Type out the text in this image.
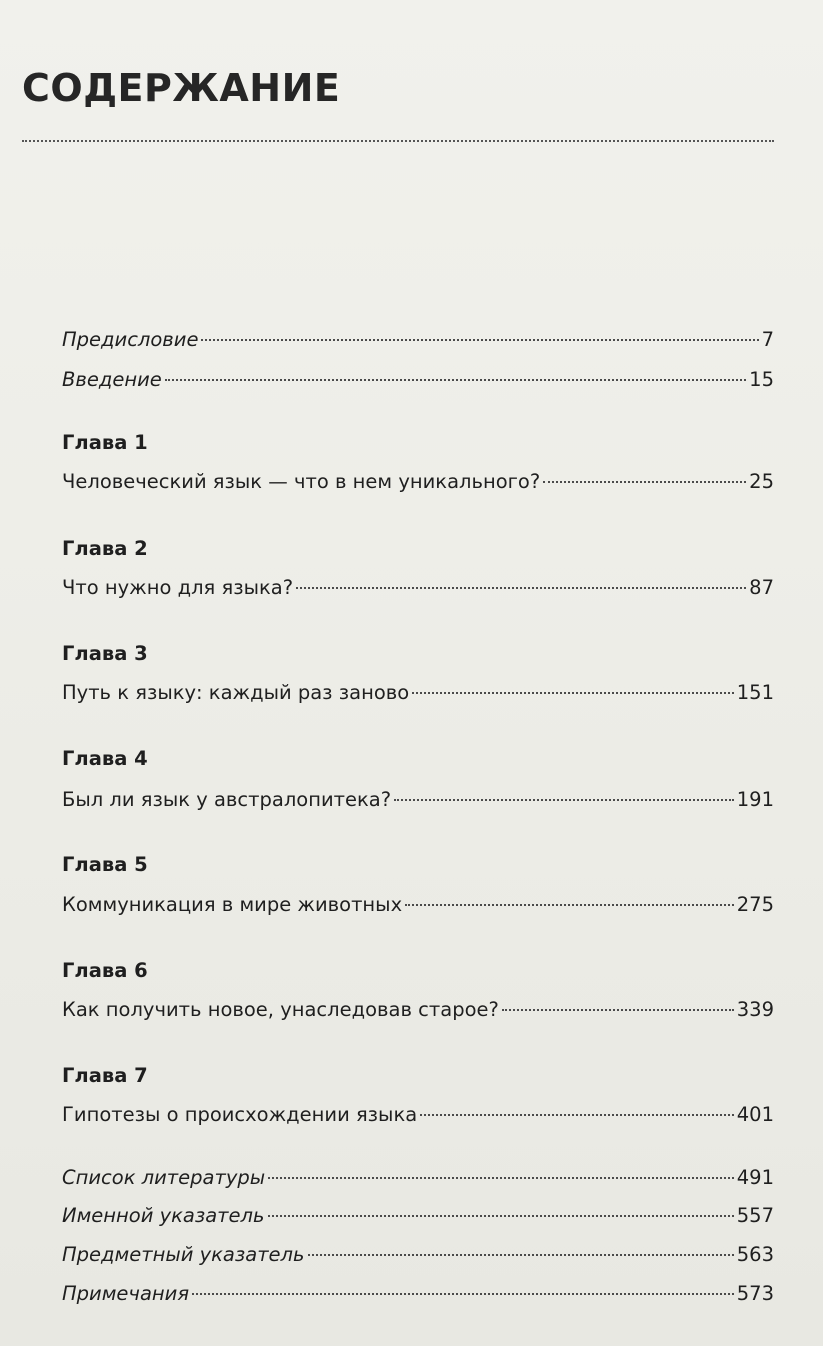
СОДЕРЖАНИЕ
Предисловие	7
Введение	15
Глава 1
Человеческий язык — что в нем уникального?	25
Глава 2
Что нужно для языка?	87
Глава 3
Путь к языку: каждый раз заново	151
Глава 4
Был ли язык у австралопитека?	191
Глава 5
Коммуникация в мире животных	275
Глава 6
Как получить новое, унаследовав старое?	339
Глава 7
Гипотезы о происхождении языка	401
Список литературы	491
Именной указатель	557
Предметный указатель	563
Примечания	573
